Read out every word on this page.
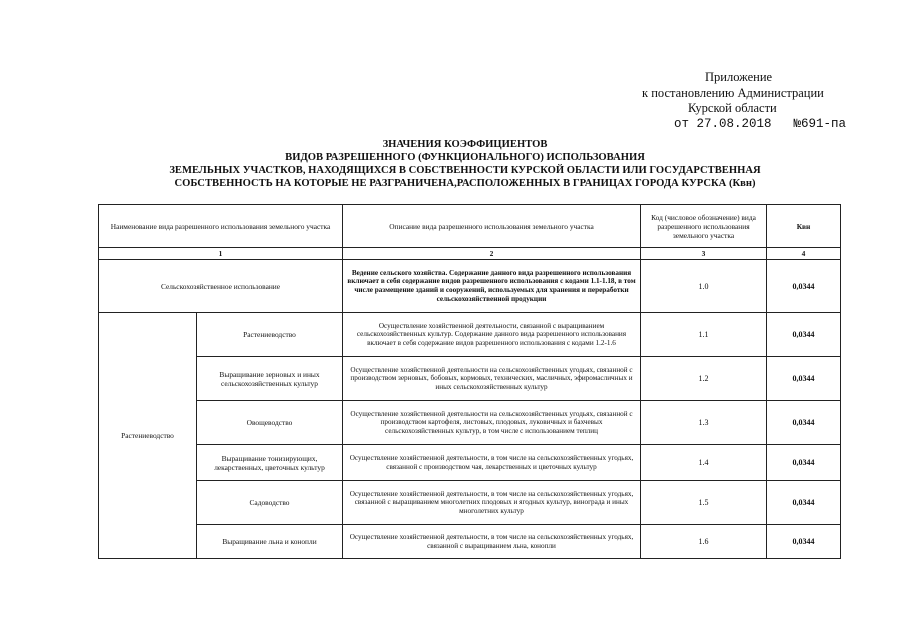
Приложение
к постановлению Администрации
Курской области
от 27.08.2018 №691-па
ЗНАЧЕНИЯ КОЭФФИЦИЕНТОВ
ВИДОВ РАЗРЕШЕННОГО (ФУНКЦИОНАЛЬНОГО) ИСПОЛЬЗОВАНИЯ
ЗЕМЕЛЬНЫХ УЧАСТКОВ, НАХОДЯЩИХСЯ В СОБСТВЕННОСТИ КУРСКОЙ ОБЛАСТИ ИЛИ ГОСУДАРСТВЕННАЯ
СОБСТВЕННОСТЬ НА КОТОРЫЕ НЕ РАЗГРАНИЧЕНА,РАСПОЛОЖЕННЫХ В ГРАНИЦАХ ГОРОДА КУРСКА (Квн)
Наименование вида разрешенного использования земельного участка		Описание вида разрешенного использования земельного участка	Код (числовое обозначение) вида разрешенного использования земельного участка	Квн
1		2	3	4
Сельскохозяйственное использование		Ведение сельского хозяйства. Содержание данного вида разрешенного использования включает в себя содержание видов разрешенного использования с кодами 1.1-1.18, в том числе размещение зданий и сооружений, используемых для хранения и переработки сельскохозяйственной продукции	1.0	0,0344
Растениеводство	Растениеводство	Осуществление хозяйственной деятельности, связанной с выращиванием сельскохозяйственных культур. Содержание данного вида разрешенного использования включает в себя содержание видов разрешенного использования с кодами 1.2-1.6	1.1	0,0344
	Выращивание зерновых и иных сельскохозяйственных культур	Осуществление хозяйственной деятельности на сельскохозяйственных угодьях, связанной с производством зерновых, бобовых, кормовых, технических, масличных, эфиромасличных и иных сельскохозяйственных культур	1.2	0,0344
	Овощеводство	Осуществление хозяйственной деятельности на сельскохозяйственных угодьях, связанной с производством картофеля, листовых, плодовых, луковичных и бахчевых сельскохозяйственных культур, в том числе с использованием теплиц	1.3	0,0344
	Выращивание тонизирующих, лекарственных, цветочных культур	Осуществление хозяйственной деятельности, в том числе на сельскохозяйственных угодьях, связанной с производством чая, лекарственных и цветочных культур	1.4	0,0344
	Садоводство	Осуществление хозяйственной деятельности, в том числе на сельскохозяйственных угодьях, связанной с выращиванием многолетних плодовых и ягодных культур, винограда и иных многолетних культур	1.5	0,0344
	Выращивание льна и конопли	Осуществление хозяйственной деятельности, в том числе на сельскохозяйственных угодьях, связанной с выращиванием льна, конопли	1.6	0,0344
